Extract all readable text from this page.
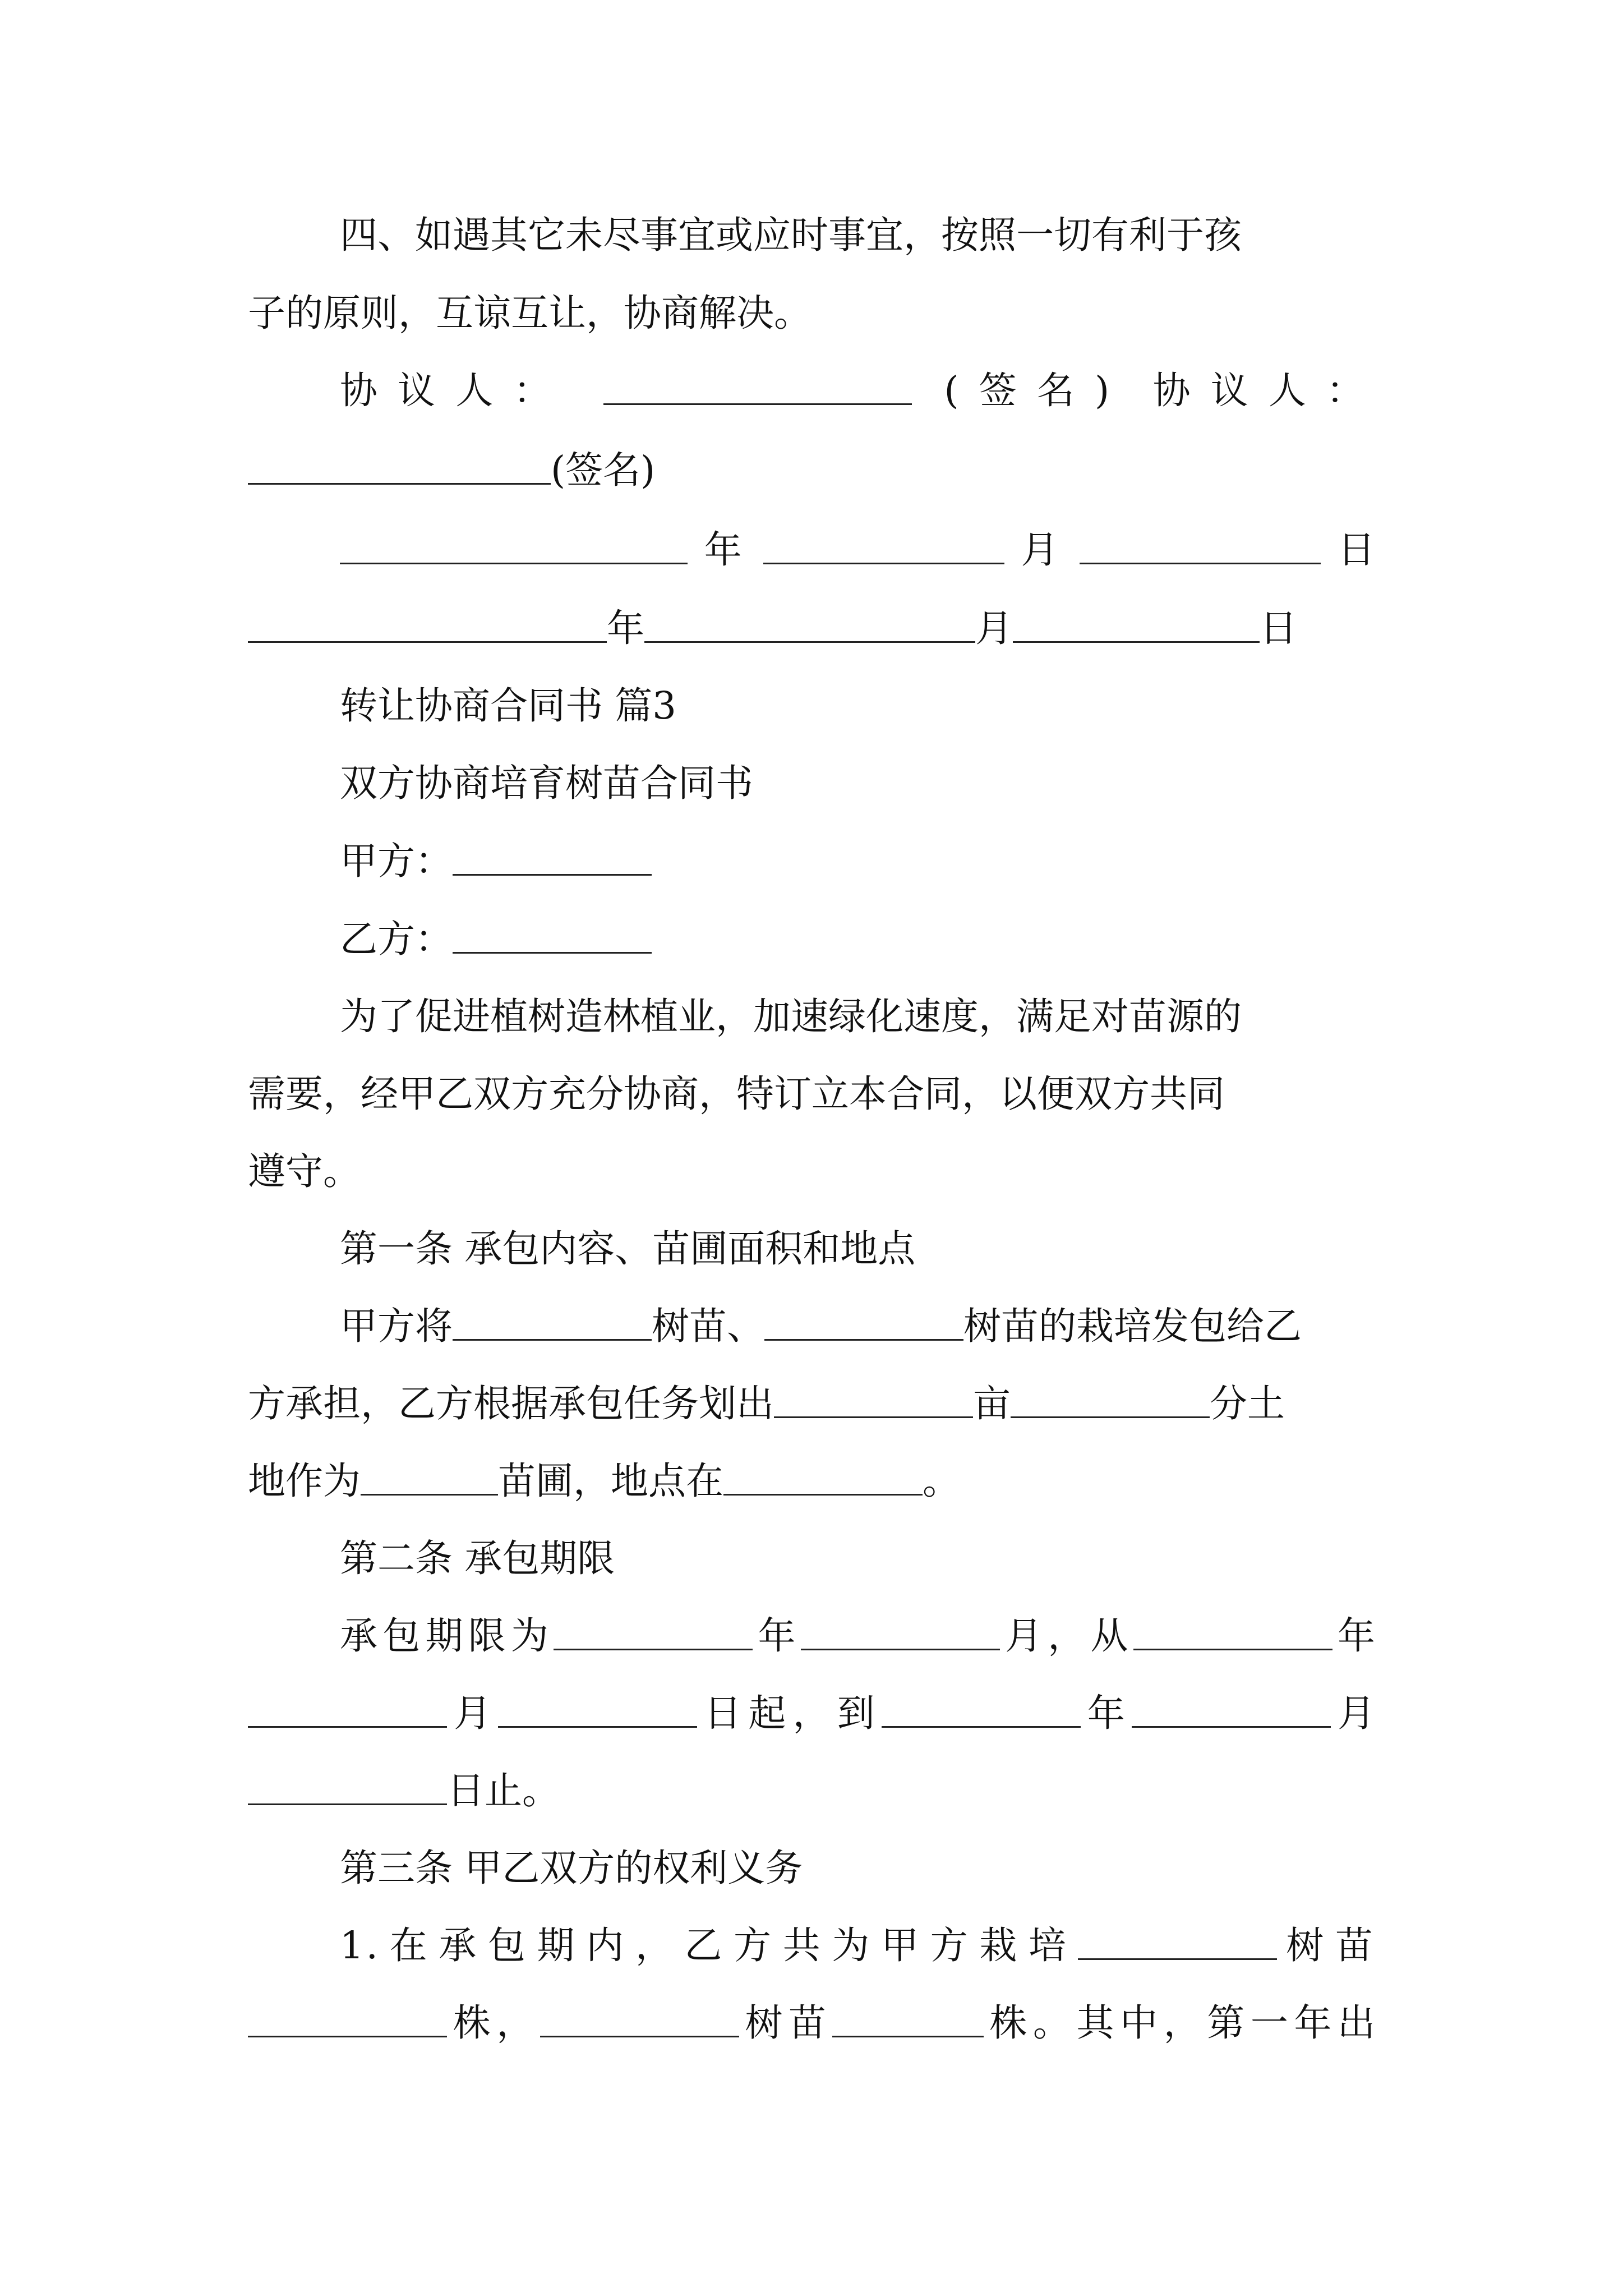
四、如遇其它未尽事宜或应时事宜，按照一切有利于孩
子的原则，互谅互让，协商解决。
协议人：	(签名) 协议人：
(签名)
年	月	日
年	月	日
转让协商合同书 篇3
双方协商培育树苗合同书
甲方：
乙方：
为了促进植树造林植业，加速绿化速度，满足对苗源的
需要，经甲乙双方充分协商，特订立本合同，以便双方共同
遵守。
第一条 承包内容、苗圃面积和地点
甲方将	树苗、	树苗的栽培发包给乙
方承担，乙方根据承包任务划出	亩	分土
地作为	苗圃，地点在	。
第二条 承包期限
承包期限为	年	月，从	年
月	日起，到	年	月
日止。
第三条 甲乙双方的权利义务
1.在承包期内，乙方共为甲方栽培	树苗
株，	树苗	株。其中，第一年出
